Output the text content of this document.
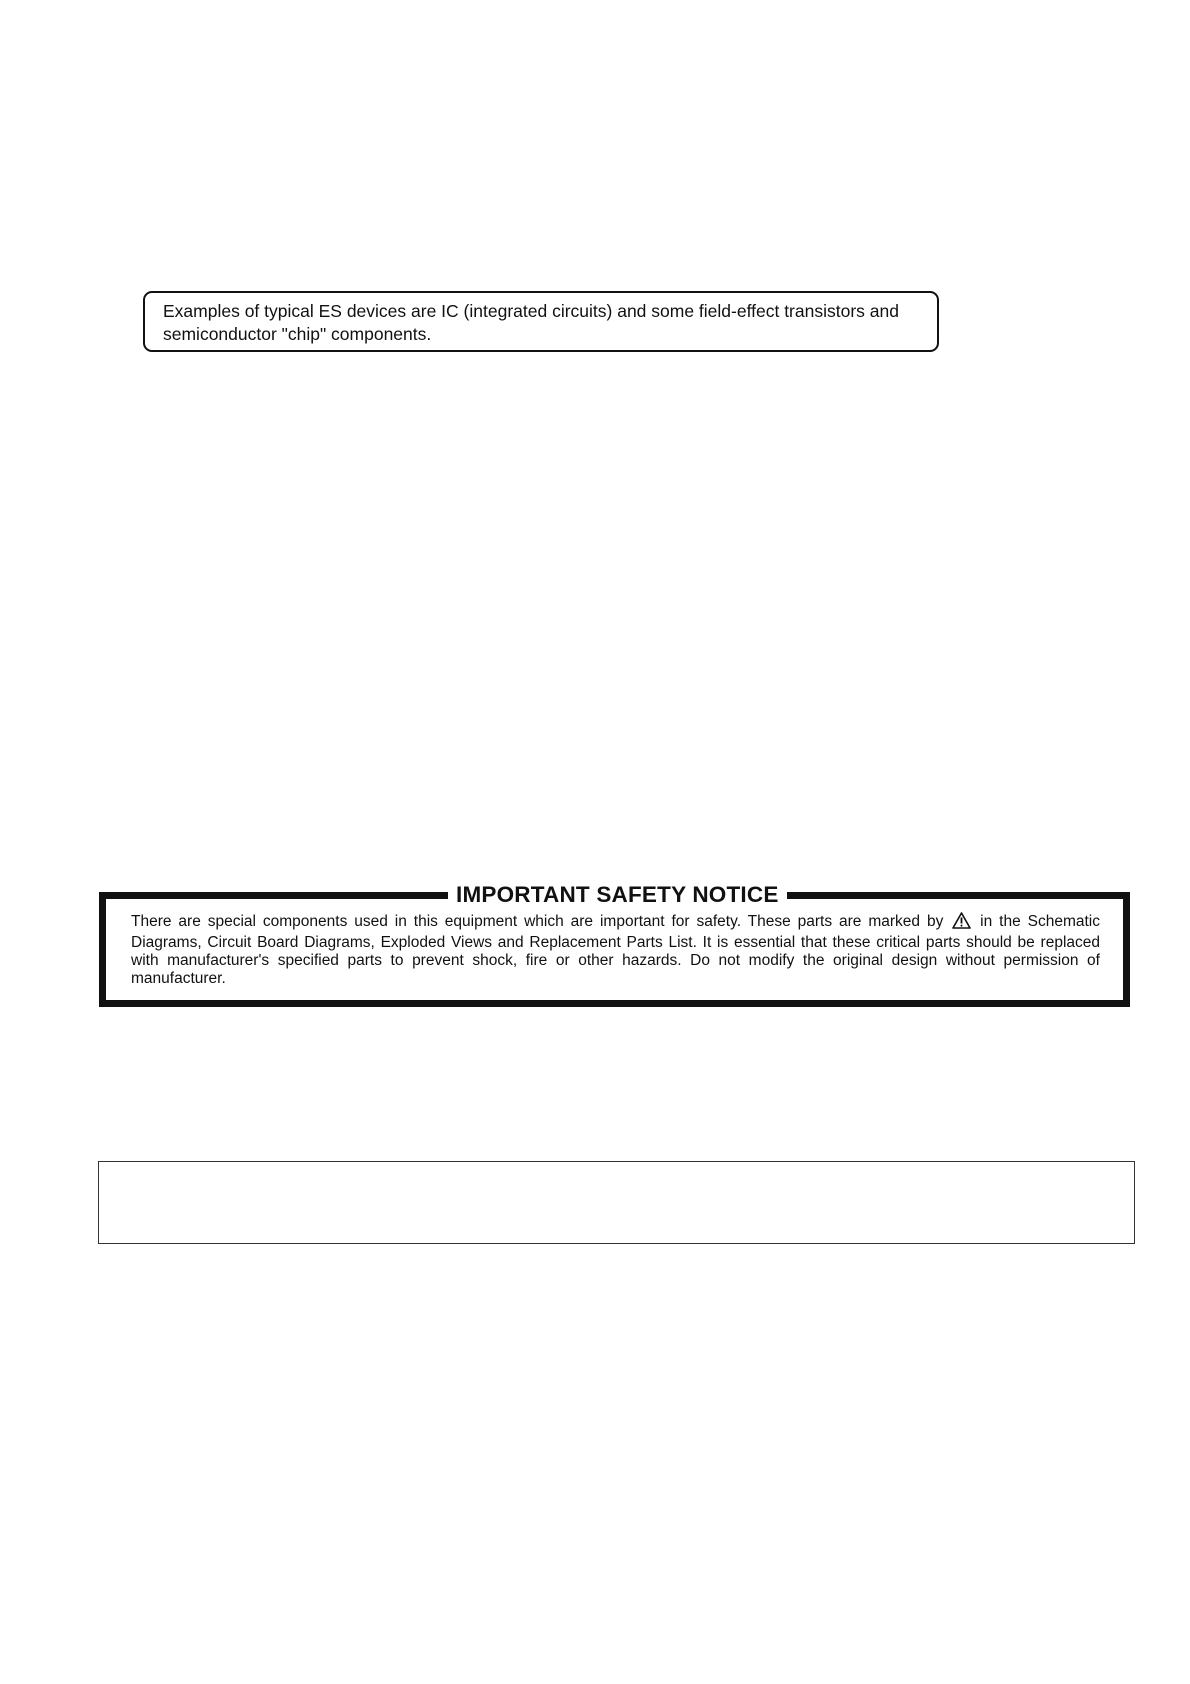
Examples of typical ES devices are IC (integrated circuits) and some field-effect transistors and semiconductor "chip" components.
IMPORTANT SAFETY NOTICE
There are special components used in this equipment which are important for safety. These parts are marked by in the Schematic Diagrams, Circuit Board Diagrams, Exploded Views and Replacement Parts List. It is essential that these critical parts should be replaced with manufacturer's specified parts to prevent shock, fire or other hazards. Do not modify the original design without permission of manufacturer.
